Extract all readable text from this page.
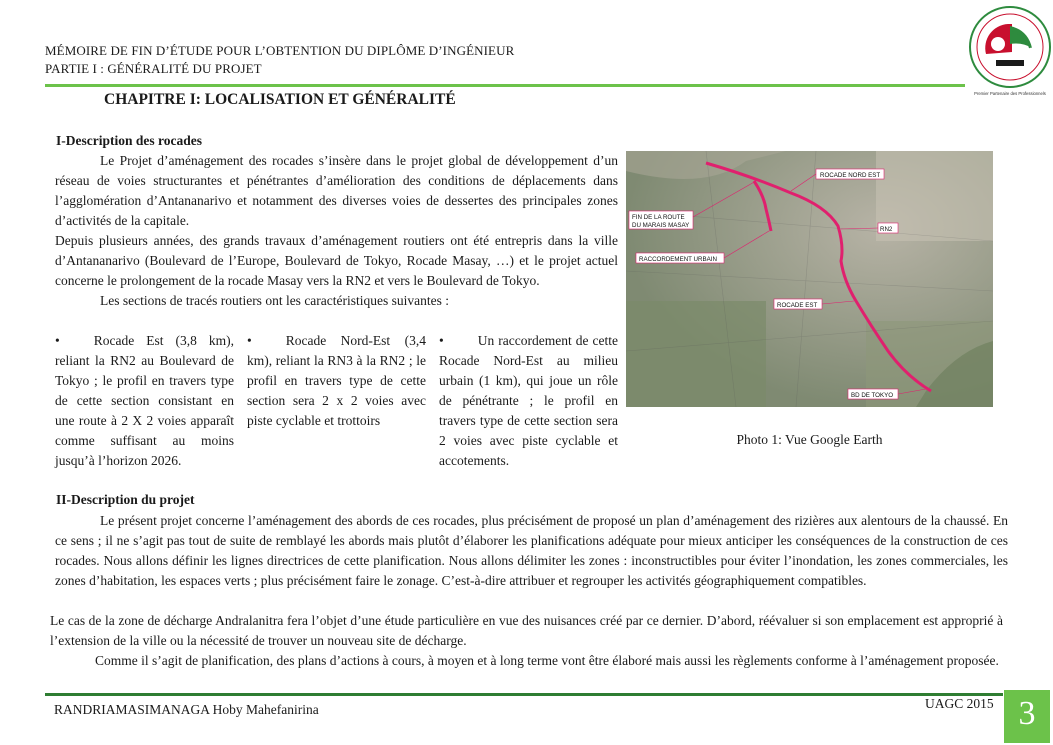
MÉMOIRE DE FIN D’ÉTUDE POUR L’OBTENTION DU DIPLÔME D’INGÉNIEUR
PARTIE I : GÉNÉRALITÉ DU PROJET
Premier Partenaire des Professionnels
CHAPITRE I: LOCALISATION ET GÉNÉRALITÉ
I-Description des rocades

Le Projet d’aménagement des rocades s’insère dans le projet global de développement d’un réseau de voies structurantes et pénétrantes d’amélioration des conditions de déplacements dans l’agglomération d’Antananarivo et notamment des diverses voies de dessertes des principales zones d’activités de la capitale.

Depuis plusieurs années, des grands travaux d’aménagement routiers ont été entrepris dans la ville d’Antananarivo (Boulevard de l’Europe, Boulevard de Tokyo, Rocade Masay, …) et le projet actuel concerne le prolongement de la rocade Masay vers la RN2 et vers le Boulevard de Tokyo.

Les sections de tracés routiers ont les caractéristiques suivantes :

•	Rocade Est (3,8 km), reliant la RN2 au Boulevard de Tokyo ; le profil en travers type de cette section consistant en une route à 2 X 2 voies apparaît comme suffisant au moins jusqu’à l’horizon 2026.
•	Rocade Nord-Est (3,4 km), reliant la RN3 à la RN2 ; le profil en travers type de cette section sera 2 x 2 voies avec piste cyclable et trottoirs
•	Un raccordement de cette Rocade Nord-Est au milieu urbain (1 km), qui joue un rôle de pénétrante ; le profil en travers type de cette section sera 2 voies avec piste cyclable et accotements.
ROCADE NORD EST
FIN DE LA ROUTE
DU MARAIS MASAY
RN2
RACCORDEMENT URBAIN
ROCADE EST
BD DE TOKYO
Photo 1: Vue Google Earth
II-Description du projet

Le présent projet concerne l’aménagement des abords de ces rocades, plus précisément de proposé un plan d’aménagement des rizières aux alentours de la chaussé. En ce sens ; il ne s’agit pas tout de suite de remblayé les abords mais plutôt d’élaborer les planifications adéquate pour mieux anticiper les conséquences de la construction de ces rocades. Nous allons définir les lignes directrices de cette planification. Nous allons délimiter les zones : inconstructibles pour éviter l’inondation, les zones commerciales, les zones d’habitation, les espaces verts ; plus précisément faire le zonage. C’est-à-dire attribuer et regrouper les activités géographiquement compatibles.

Le cas de la zone de décharge Andralanitra fera l’objet d’une étude particulière en vue des nuisances créé par ce dernier. D’abord, réévaluer si son emplacement est approprié à l’extension de la ville ou la nécessité de trouver un nouveau site de décharge.

Comme il s’agit de planification, des plans d’actions à cours, à moyen et à long terme vont être élaboré mais aussi les règlements conforme à l’aménagement proposée.

RANDRIAMASIMANAGA Hoby Mahefanirina	UAGC 2015 3
